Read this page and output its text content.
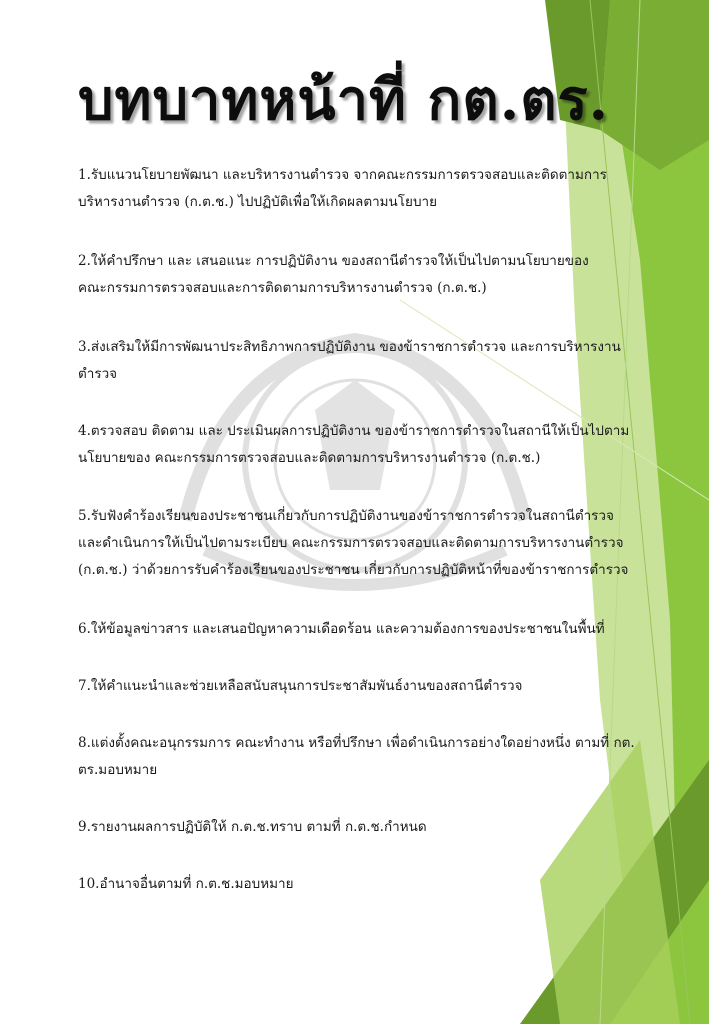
บทบาทหน้าที่ กต.ตร.
1.รับแนวนโยบายพัฒนา และบริหารงานตำรวจ จากคณะกรรมการตรวจสอบและติดตามการ
บริหารงานตำรวจ (ก.ต.ช.) ไปปฏิบัติเพื่อให้เกิดผลตามนโยบาย
2.ให้คำปรึกษา และ เสนอแนะ การปฏิบัติงาน ของสถานีตำรวจให้เป็นไปตามนโยบายของ
คณะกรรมการตรวจสอบและการติดตามการบริหารงานตำรวจ (ก.ต.ช.)
3.ส่งเสริมให้มีการพัฒนาประสิทธิภาพการปฏิบัติงาน ของข้าราชการตำรวจ และการบริหารงาน
ตำรวจ
4.ตรวจสอบ ติดตาม และ ประเมินผลการปฏิบัติงาน ของข้าราชการตำรวจในสถานีให้เป็นไปตาม
นโยบายของ คณะกรรมการตรวจสอบและติดตามการบริหารงานตำรวจ (ก.ต.ช.)
5.รับฟังคำร้องเรียนของประชาชนเกี่ยวกับการปฏิบัติงานของข้าราชการตำรวจในสถานีตำรวจ
และดำเนินการให้เป็นไปตามระเบียบ คณะกรรมการตรวจสอบและติดตามการบริหารงานตำรวจ
(ก.ต.ช.) ว่าด้วยการรับคำร้องเรียนของประชาชน เกี่ยวกับการปฏิบัติหน้าที่ของข้าราชการตำรวจ
6.ให้ข้อมูลข่าวสาร และเสนอปัญหาความเดือดร้อน และความต้องการของประชาชนในพื้นที่
7.ให้คำแนะนำและช่วยเหลือสนับสนุนการประชาสัมพันธ์งานของสถานีตำรวจ
8.แต่งตั้งคณะอนุกรรมการ คณะทำงาน หรือที่ปรึกษา เพื่อดำเนินการอย่างใดอย่างหนึ่ง ตามที่ กต.
ตร.มอบหมาย
9.รายงานผลการปฏิบัติให้ ก.ต.ช.ทราบ ตามที่ ก.ต.ช.กำหนด
10.อำนาจอื่นตามที่ ก.ต.ช.มอบหมาย
